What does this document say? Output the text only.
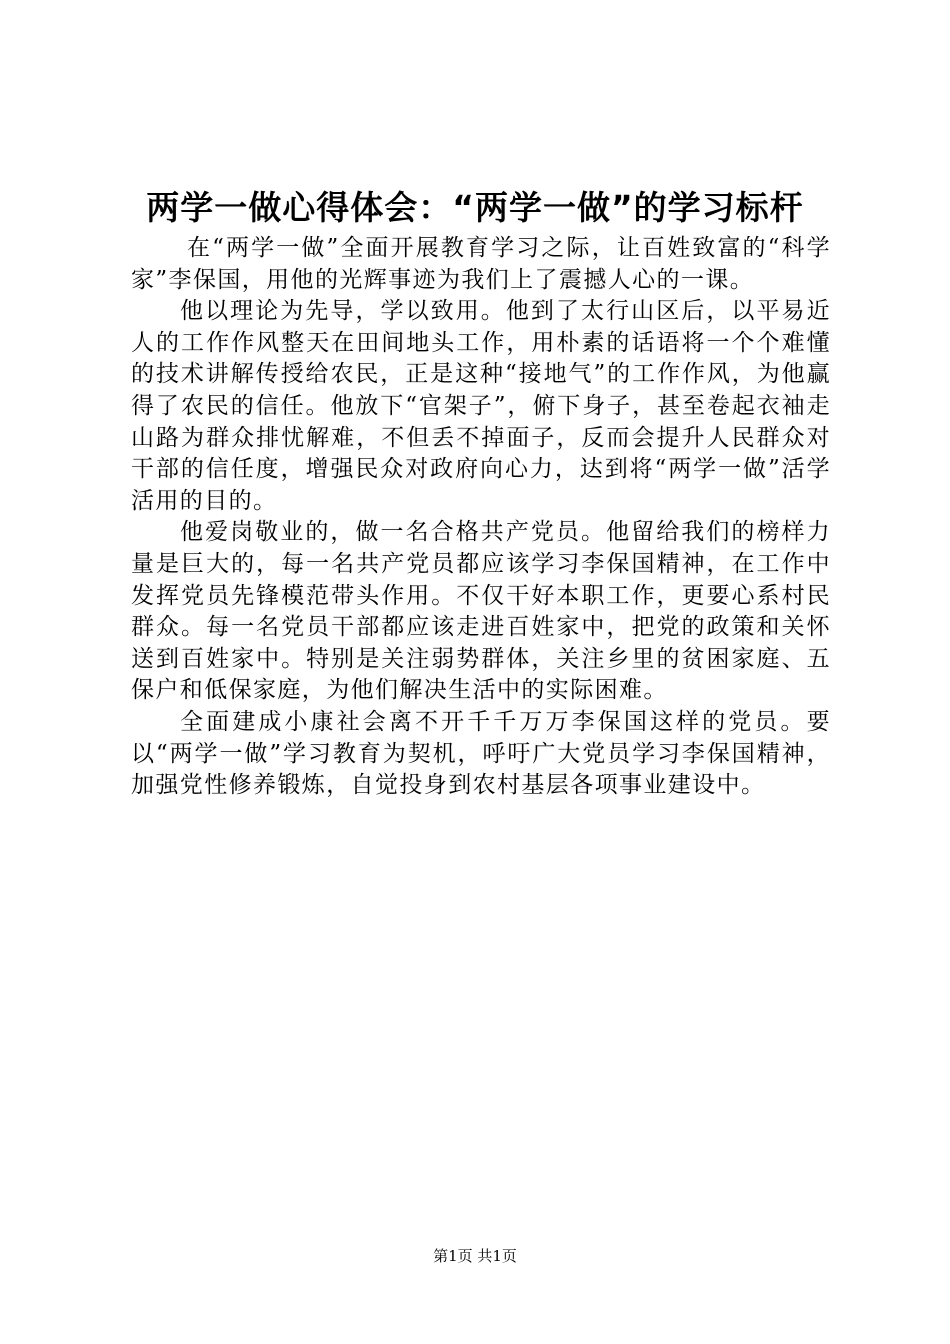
两学一做心得体会：“两学一做”的学习标杆

在“两学一做”全面开展教育学习之际，让百姓致富的“科学家”李保国，用他的光辉事迹为我们上了震撼人心的一课。

他以理论为先导，学以致用。他到了太行山区后，以平易近人的工作作风整天在田间地头工作，用朴素的话语将一个个难懂的技术讲解传授给农民，正是这种“接地气”的工作作风，为他赢得了农民的信任。他放下“官架子”，俯下身子，甚至卷起衣袖走山路为群众排忧解难，不但丢不掉面子，反而会提升人民群众对干部的信任度，增强民众对政府向心力，达到将“两学一做”活学活用的目的。

他爱岗敬业的，做一名合格共产党员。他留给我们的榜样力量是巨大的，每一名共产党员都应该学习李保国精神，在工作中发挥党员先锋模范带头作用。不仅干好本职工作，更要心系村民群众。每一名党员干部都应该走进百姓家中，把党的政策和关怀送到百姓家中。特别是关注弱势群体，关注乡里的贫困家庭、五保户和低保家庭，为他们解决生活中的实际困难。

全面建成小康社会离不开千千万万李保国这样的党员。要以“两学一做”学习教育为契机，呼吁广大党员学习李保国精神，加强党性修养锻炼，自觉投身到农村基层各项事业建设中。

第1页 共1页
